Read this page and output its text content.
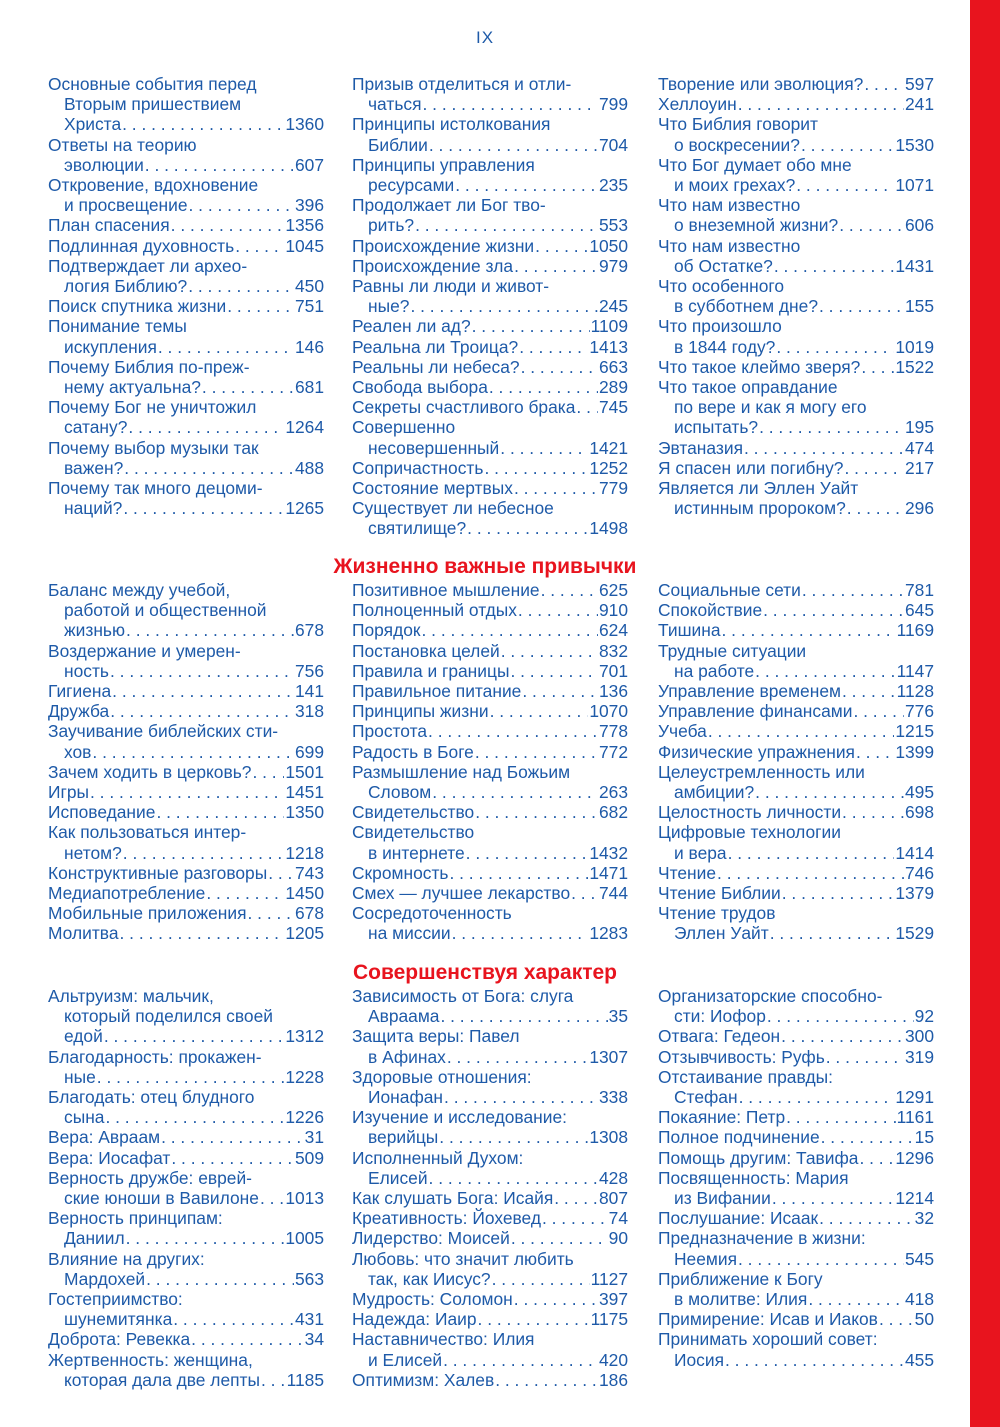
IX
Основные события перед
Вторым пришествием
Христа . . .	1360
Ответы на теорию
эволюции . . .	607
Откровение, вдохновение
и просвещение . . .	396
План спасения . . .	1356
Подлинная духовность . . .	1045
Подтверждает ли архео-
логия Библию? . . .	450
Поиск спутника жизни . . .	751
Понимание темы
искупления . . .	146
Почему Библия по-преж-
нему актуальна? . . .	681
Почему Бог не уничтожил
сатану? . . .	1264
Почему выбор музыки так
важен? . . .	488
Почему так много децоми-
наций? . . .	1265
Призыв отделиться и отли-
чаться . . .	799
Принципы истолкования
Библии . . .	704
Принципы управления
ресурсами . . .	235
Продолжает ли Бог тво-
рить? . . .	553
Происхождение жизни . . .	1050
Происхождение зла . . .	979
Равны ли люди и живот-
ные? . . .	245
Реален ли ад? . . .	1109
Реальна ли Троица? . . .	1413
Реальны ли небеса? . . .	663
Свобода выбора . . .	289
Секреты счастливого брака . . . 745
Совершенно
несовершенный . . .	1421
Сопричастность . . .	1252
Состояние мертвых . . .	779
Существует ли небесное
святилище? . . .	1498
Творение или эволюция? . . . 597
Хеллоуин . . .	241
Что Библия говорит
о воскресении? . . .	1530
Что Бог думает обо мне
и моих грехах? . . .	1071
Что нам известно
о внеземной жизни? . . .	606
Что нам известно
об Остатке? . . .	1431
Что особенного
в субботнем дне? . . .	155
Что произошло
в 1844 году? . . .	1019
Что такое клеймо зверя? . . . 1522
Что такое оправдание
по вере и как я могу его
испытать? . . .	195
Эвтаназия . . .	474
Я спасен или погибну? . . .	217
Является ли Эллен Уайт
истинным пророком? . . .	296
Жизненно важные привычки
Баланс между учебой,
работой и общественной
жизнью . . .	678
Воздержание и умерен-
ность . . .	756
Гигиена . . .	141
Дружба . . .	318
Заучивание библейских сти-
хов . . .	699
Зачем ходить в церковь? . . . 1501
Игры . . .	1451
Исповедание . . .	1350
Как пользоваться интер-
нетом? . . .	1218
Конструктивные разговоры . . . 743
Медиапотребление . . .	1450
Мобильные приложения . . .	678
Молитва . . .	1205
Позитивное мышление . . .	625
Полноценный отдых . . .	910
Порядок . . .	624
Постановка целей . . .	832
Правила и границы . . .	701
Правильное питание . . .	136
Принципы жизни . . .	1070
Простота . . .	778
Радость в Боге . . .	772
Размышление над Божьим
Словом . . .	263
Свидетельство . . .	682
Свидетельство
в интернете . . .	1432
Скромность . . .	1471
Смех — лучшее лекарство . . . 744
Сосредоточенность
на миссии . . .	1283
Социальные сети . . .	781
Спокойствие . . .	645
Тишина . . .	1169
Трудные ситуации
на работе . . .	1147
Управление временем . . .	1128
Управление финансами . . .	776
Учеба . . .	1215
Физические упражнения . . . 1399
Целеустремленность или
амбиции? . . .	495
Целостность личности . . .	698
Цифровые технологии
и вера . . .	1414
Чтение . . .	746
Чтение Библии . . .	1379
Чтение трудов
Эллен Уайт . . .	1529
Совершенствуя характер
Альтруизм: мальчик,
который поделился своей
едой . . .	1312
Благодарность: прокажен-
ные . . .	1228
Благодать: отец блудного
сына . . .	1226
Вера: Авраам . . .	31
Вера: Иосафат . . .	509
Верность дружбе: еврей-
ские юноши в Вавилоне . . . 1013
Верность принципам:
Даниил . . .	1005
Влияние на других:
Мардохей . . .	563
Гостеприимство:
шунемитянка . . .	431
Доброта: Ревекка . . .	34
Жертвенность: женщина,
которая дала две лепты . . . 1185
Зависимость от Бога: слуга
Авраама . . .	35
Защита веры: Павел
в Афинах . . .	1307
Здоровые отношения:
Ионафан . . .	338
Изучение и исследование:
верийцы . . .	1308
Исполненный Духом:
Елисей . . .	428
Как слушать Бога: Исайя . . .	807
Креативность: Йохевед . . .	74
Лидерство: Моисей . . .	90
Любовь: что значит любить
так, как Иисус? . . .	1127
Мудрость: Соломон . . .	397
Надежда: Иаир . . .	1175
Наставничество: Илия
и Елисей . . .	420
Оптимизм: Халев . . .	186
Организаторские способно-
сти: Иофор . . .	92
Отвага: Гедеон . . .	300
Отзывчивость: Руфь . . .	319
Отстаивание правды:
Стефан . . .	1291
Покаяние: Петр . . .	1161
Полное подчинение . . .	15
Помощь другим: Тавифа . . . 1296
Посвященность: Мария
из Вифании . . .	1214
Послушание: Исаак . . .	32
Предназначение в жизни:
Неемия . . .	545
Приближение к Богу
в молитве: Илия . . .	418
Примирение: Исав и Иаков . . . 50
Принимать хороший совет:
Иосия . . .	455
